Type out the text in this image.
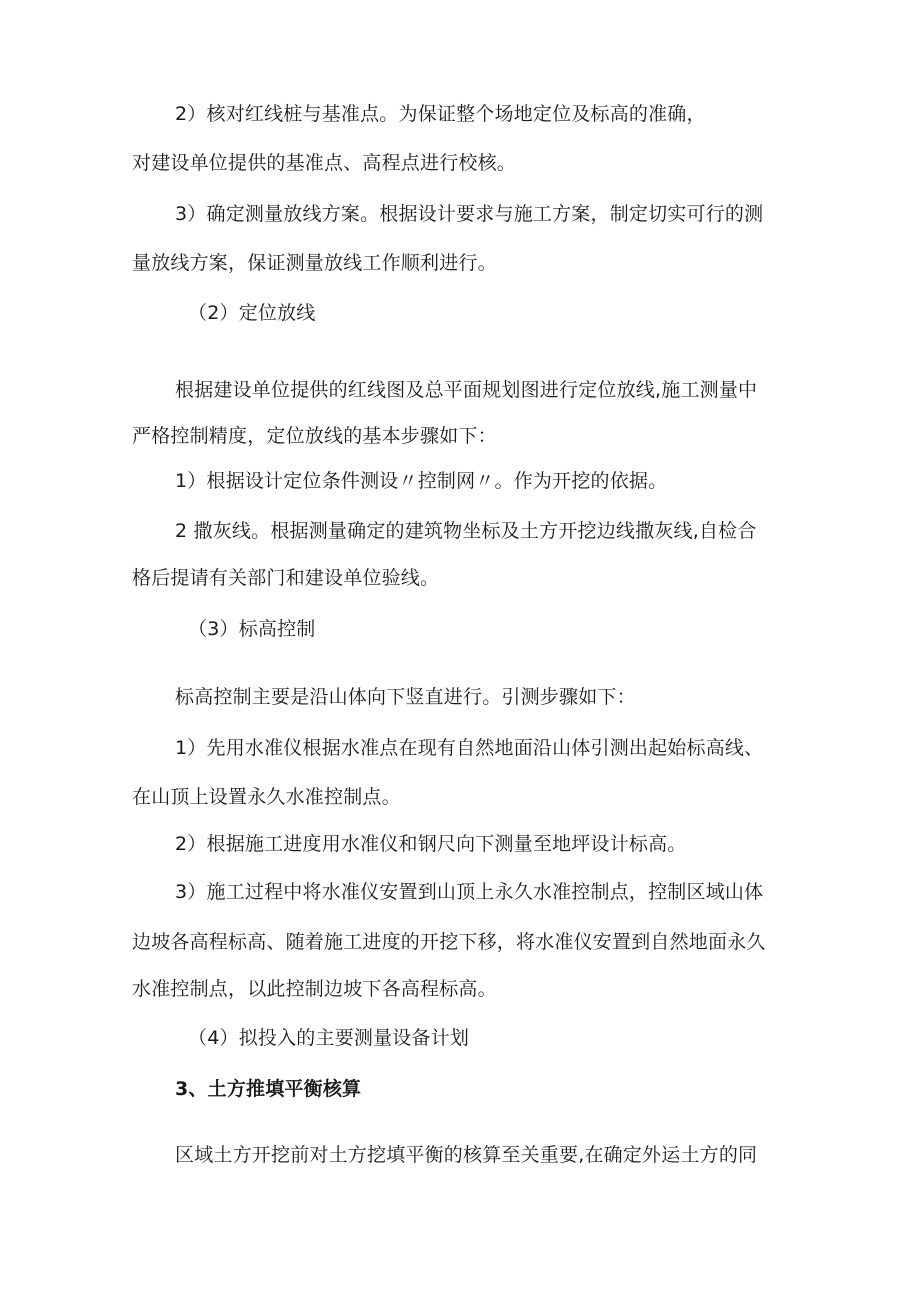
2）核对红线桩与基准点。为保证整个场地定位及标高的准确，
对建设单位提供的基准点、高程点进行校核。
3）确定测量放线方案。根据设计要求与施工方案，制定切实可行的测
量放线方案，保证测量放线工作顺利进行。
（2）定位放线
根据建设单位提供的红线图及总平面规划图进行定位放线,施工测量中
严格控制精度，定位放线的基本步骤如下：
1）根据设计定位条件测设〃控制网〃。作为开挖的依据。
2 撒灰线。根据测量确定的建筑物坐标及土方开挖边线撒灰线,自检合
格后提请有关部门和建设单位验线。
（3）标高控制
标高控制主要是沿山体向下竖直进行。引测步骤如下：
1）先用水准仪根据水准点在现有自然地面沿山体引测出起始标高线、
在山顶上设置永久水准控制点。
2）根据施工进度用水准仪和钢尺向下测量至地坪设计标高。
3）施工过程中将水准仪安置到山顶上永久水准控制点，控制区域山体
边坡各高程标高、随着施工进度的开挖下移，将水准仪安置到自然地面永久
水准控制点，以此控制边坡下各高程标高。
（4）拟投入的主要测量设备计划
3、土方推填平衡核算
区域土方开挖前对土方挖填平衡的核算至关重要,在确定外运土方的同
